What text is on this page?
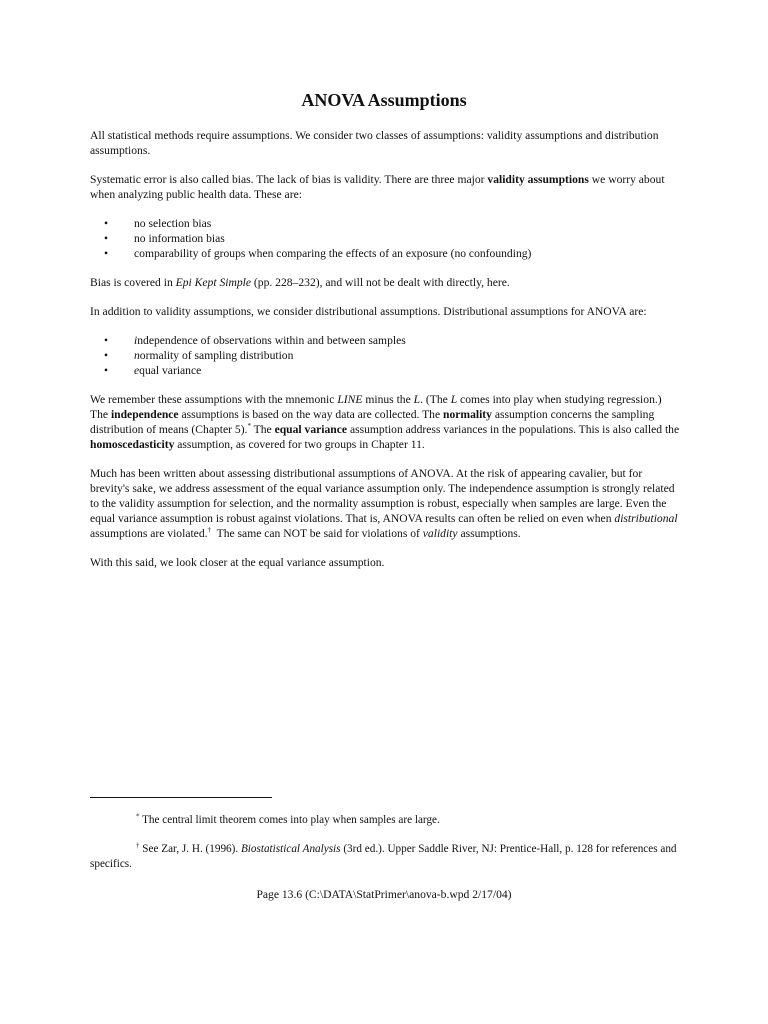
ANOVA Assumptions

All statistical methods require assumptions. We consider two classes of assumptions: validity assumptions and distribution assumptions.

Systematic error is also called bias. The lack of bias is validity. There are three major validity assumptions we worry about when analyzing public health data. These are:

• no selection bias
• no information bias
• comparability of groups when comparing the effects of an exposure (no confounding)

Bias is covered in Epi Kept Simple (pp. 228–232), and will not be dealt with directly, here.

In addition to validity assumptions, we consider distributional assumptions. Distributional assumptions for ANOVA are:

• independence of observations within and between samples
• normality of sampling distribution
• equal variance

We remember these assumptions with the mnemonic LINE minus the L. (The L comes into play when studying regression.) The independence assumptions is based on the way data are collected. The normality assumption concerns the sampling distribution of means (Chapter 5).* The equal variance assumption address variances in the populations. This is also called the homoscedasticity assumption, as covered for two groups in Chapter 11.

Much has been written about assessing distributional assumptions of ANOVA. At the risk of appearing cavalier, but for brevity's sake, we address assessment of the equal variance assumption only. The independence assumption is strongly related to the validity assumption for selection, and the normality assumption is robust, especially when samples are large. Even the equal variance assumption is robust against violations. That is, ANOVA results can often be relied on even when distributional assumptions are violated.†  The same can NOT be said for violations of validity assumptions.

With this said, we look closer at the equal variance assumption.

* The central limit theorem comes into play when samples are large.

† See Zar, J. H. (1996). Biostatistical Analysis (3rd ed.). Upper Saddle River, NJ: Prentice-Hall, p. 128 for references and specifics.

Page 13.6 (C:\DATA\StatPrimer\anova-b.wpd 2/17/04)
